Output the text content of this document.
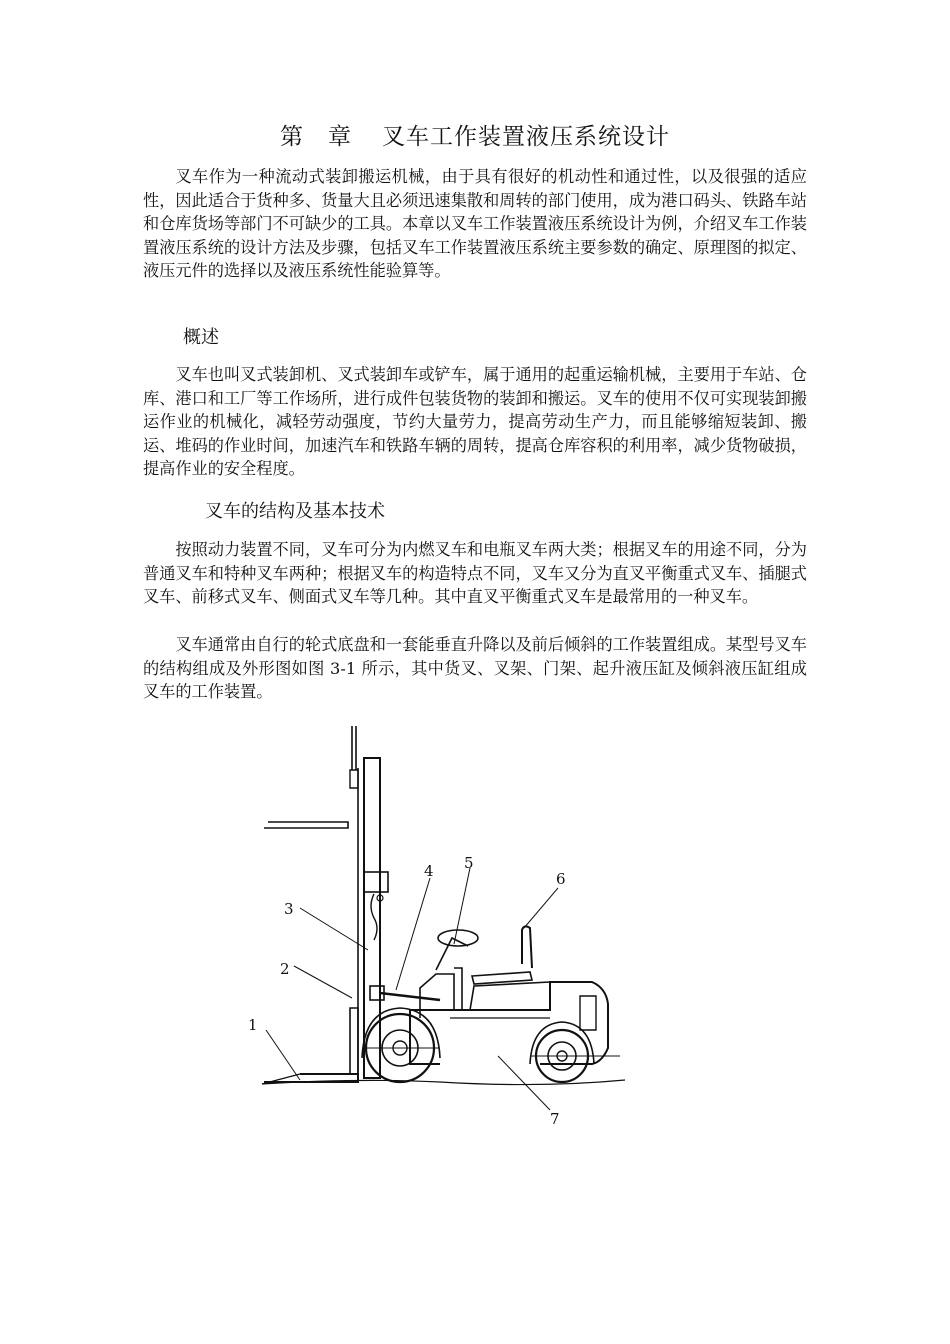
第　章 叉车工作装置液压系统设计

叉车作为一种流动式装卸搬运机械，由于具有很好的机动性和通过性，以及很强的适应性，因此适合于货种多、货量大且必须迅速集散和周转的部门使用，成为港口码头、铁路车站和仓库货场等部门不可缺少的工具。本章以叉车工作装置液压系统设计为例，介绍叉车工作装置液压系统的设计方法及步骤，包括叉车工作装置液压系统主要参数的确定、原理图的拟定、液压元件的选择以及液压系统性能验算等。

概述

叉车也叫叉式装卸机、叉式装卸车或铲车，属于通用的起重运输机械，主要用于车站、仓库、港口和工厂等工作场所，进行成件包装货物的装卸和搬运。叉车的使用不仅可实现装卸搬运作业的机械化，减轻劳动强度，节约大量劳力，提高劳动生产力，而且能够缩短装卸、搬运、堆码的作业时间，加速汽车和铁路车辆的周转，提高仓库容积的利用率，减少货物破损，提高作业的安全程度。

叉车的结构及基本技术

按照动力装置不同，叉车可分为内燃叉车和电瓶叉车两大类；根据叉车的用途不同，分为普通叉车和特种叉车两种；根据叉车的构造特点不同，叉车又分为直叉平衡重式叉车、插腿式叉车、前移式叉车、侧面式叉车等几种。其中直叉平衡重式叉车是最常用的一种叉车。

叉车通常由自行的轮式底盘和一套能垂直升降以及前后倾斜的工作装置组成。某型号叉车的结构组成及外形图如图 3-1 所示，其中货叉、叉架、门架、起升液压缸及倾斜液压缸组成叉车的工作装置。

1
2
3
4 5
6
7
